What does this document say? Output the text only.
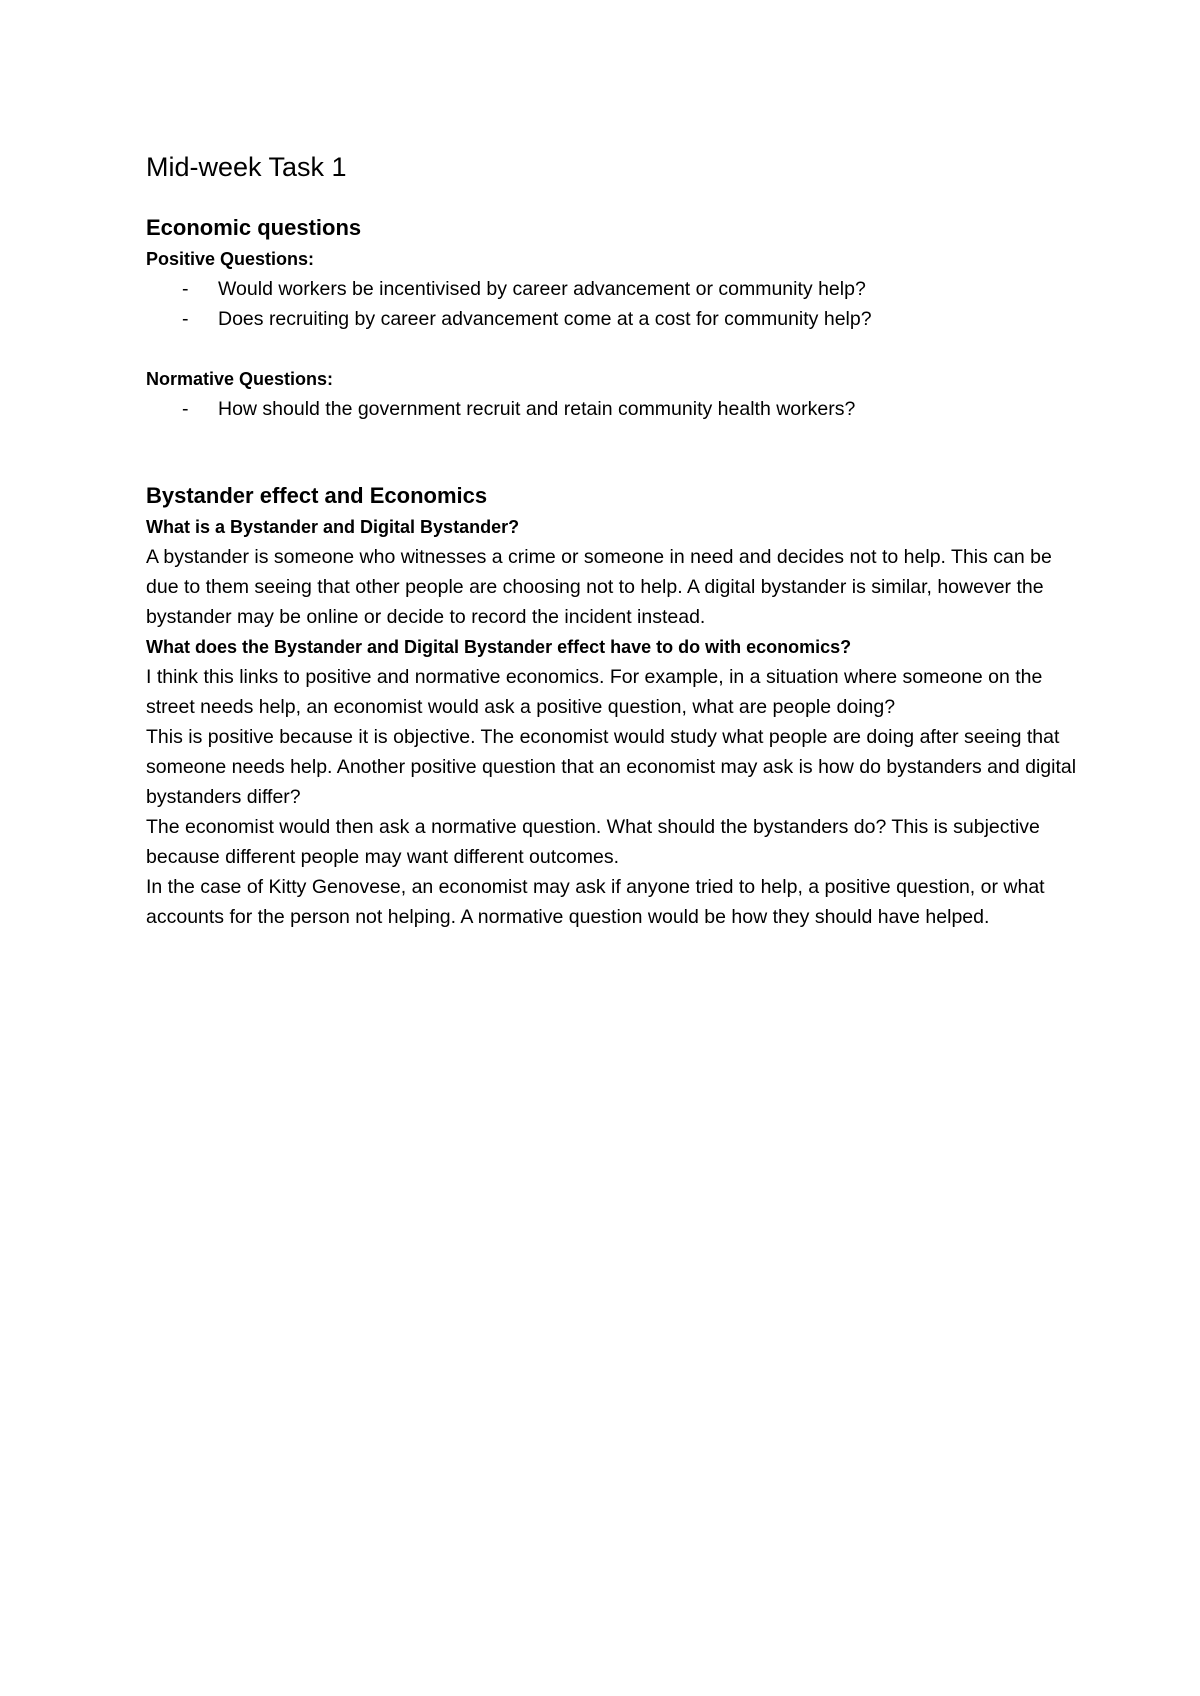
Mid-week Task 1
Economic questions
Positive Questions:
- Would workers be incentivised by career advancement or community help?
- Does recruiting by career advancement come at a cost for community help?
Normative Questions:
- How should the government recruit and retain community health workers?
Bystander effect and Economics
What is a Bystander and Digital Bystander?

A bystander is someone who witnesses a crime or someone in need and decides not to help. This can be due to them seeing that other people are choosing not to help. A digital bystander is similar, however the bystander may be online or decide to record the incident instead.

What does the Bystander and Digital Bystander effect have to do with economics?

I think this links to positive and normative economics. For example, in a situation where someone on the street needs help, an economist would ask a positive question, what are people doing?

This is positive because it is objective. The economist would study what people are doing after seeing that someone needs help. Another positive question that an economist may ask is how do bystanders and digital bystanders differ?

The economist would then ask a normative question. What should the bystanders do? This is subjective because different people may want different outcomes.

In the case of Kitty Genovese, an economist may ask if anyone tried to help, a positive question, or what accounts for the person not helping. A normative question would be how they should have helped.
